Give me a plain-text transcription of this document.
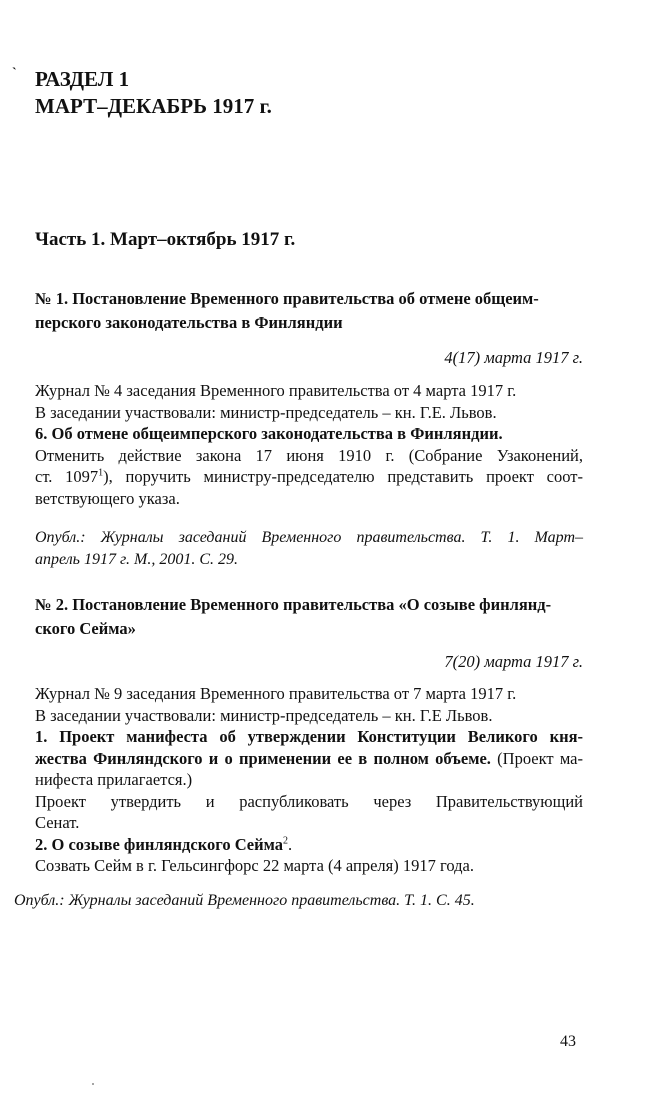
` РАЗДЕЛ 1
МАРТ–ДЕКАБРЬ 1917 г.
Часть 1. Март–октябрь 1917 г.
№ 1. Постановление Временного правительства об отмене общеим-
перского законодательства в Финляндии
4(17) марта 1917 г.

Журнал № 4 заседания Временного правительства от 4 марта 1917 г.

В заседании участвовали: министр-председатель – кн. Г.Е. Львов.

6. Об отмене общеимперского законодательства в Финляндии.

Отменить действие закона 17 июня 1910 г. (Собрание Узаконений,

ст. 1097$^1$), поручить министру-председателю представить проект соот-

ветствующего указа.

Опубл.: Журналы заседаний Временного правительства. Т. 1. Март–
апрель 1917 г. М., 2001. С. 29.
№ 2. Постановление Временного правительства «О созыве финлянд-
ского Сейма»
7(20) марта 1917 г.

Журнал № 9 заседания Временного правительства от 7 марта 1917 г.

В заседании участвовали: министр-председатель – кн. Г.Е Львов.

1. Проект манифеста об утверждении Конституции Великого кня-

жества Финляндского и о применении ее в полном объеме. (Проект ма-

нифеста прилагается.)

Проект утвердить и распубликовать через Правительствующий

Сенат.

2. О созыве финляндского Сейма$^2$.

Созвать Сейм в г. Гельсингфорс 22 марта (4 апреля) 1917 года.

Опубл.: Журналы заседаний Временного правительства. Т. 1. С. 45.
43
